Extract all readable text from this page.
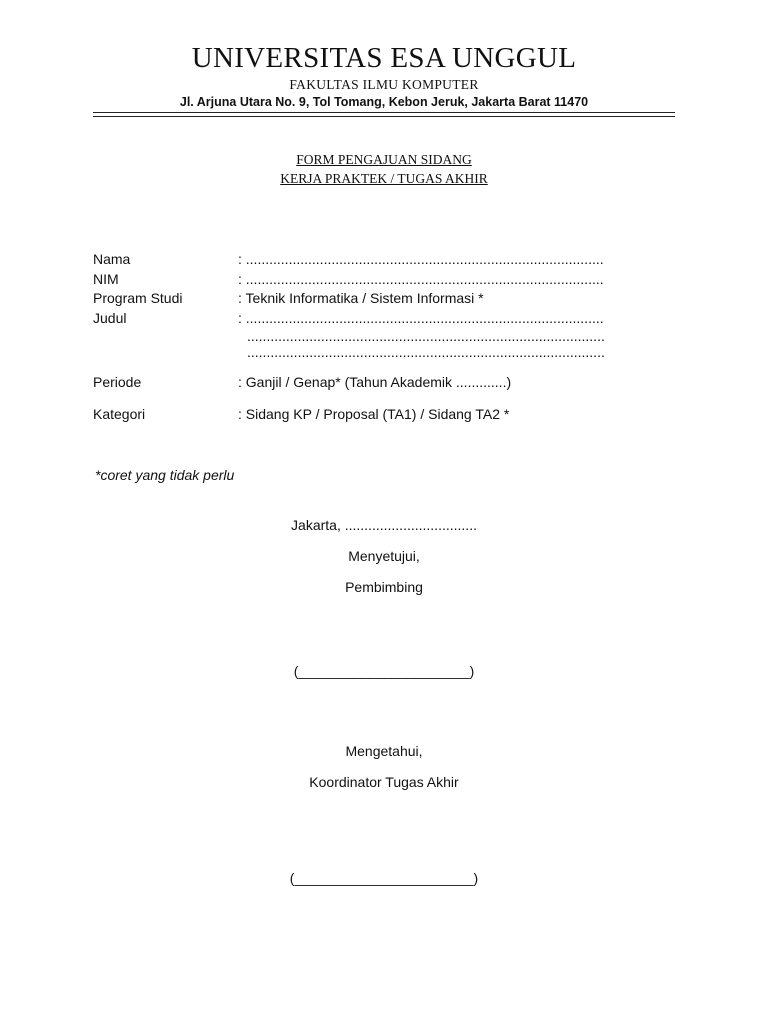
UNIVERSITAS ESA UNGGUL
FAKULTAS ILMU KOMPUTER
Jl. Arjuna Utara No. 9, Tol Tomang, Kebon Jeruk, Jakarta Barat 11470
FORM PENGAJUAN SIDANG
KERJA PRAKTEK / TUGAS AKHIR
Nama	: ............................................................................................
NIM	: ............................................................................................
Program Studi	: Teknik Informatika / Sistem Informasi *
Judul	: ............................................................................................
............................................................................................
............................................................................................
Periode	: Ganjil / Genap* (Tahun Akademik .............)
Kategori	: Sidang KP / Proposal (TA1) / Sidang TA2 *
*coret yang tidak perlu
Jakarta, ..................................
Menyetujui,
Pembimbing
(______________________)
Mengetahui,
Koordinator Tugas Akhir
(_______________________)
